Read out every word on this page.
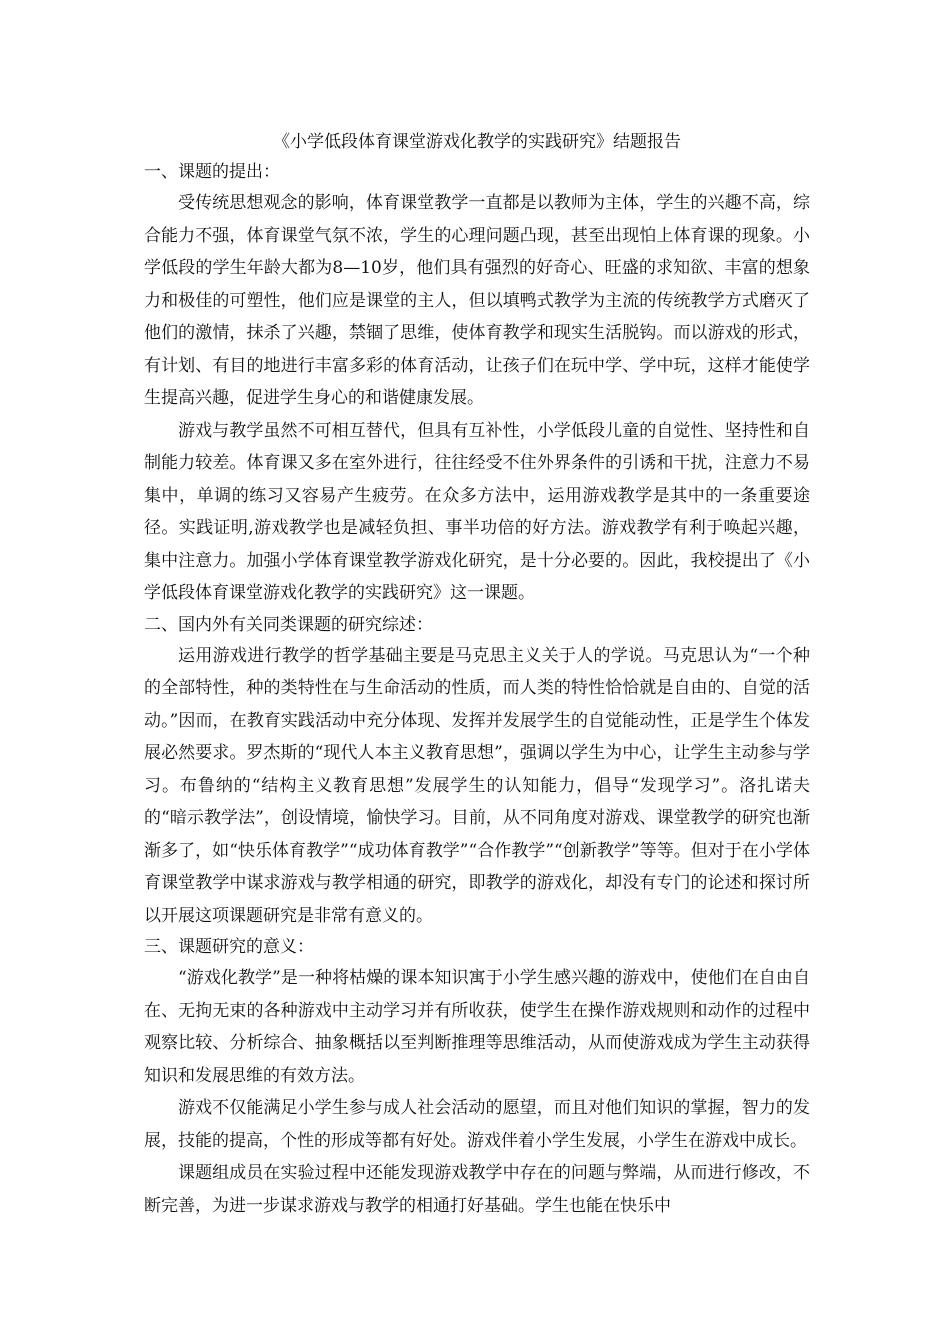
《小学低段体育课堂游戏化教学的实践研究》结题报告
一、课题的提出：

受传统思想观念的影响，体育课堂教学一直都是以教师为主体，学生的兴趣不高，综合能力不强，体育课堂气氛不浓，学生的心理问题凸现，甚至出现怕上体育课的现象。小学低段的学生年龄大都为8—10岁，他们具有强烈的好奇心、旺盛的求知欲、丰富的想象力和极佳的可塑性，他们应是课堂的主人，但以填鸭式教学为主流的传统教学方式磨灭了他们的激情，抹杀了兴趣，禁锢了思维，使体育教学和现实生活脱钩。而以游戏的形式，有计划、有目的地进行丰富多彩的体育活动，让孩子们在玩中学、学中玩，这样才能使学生提高兴趣，促进学生身心的和谐健康发展。

游戏与教学虽然不可相互替代，但具有互补性，小学低段儿童的自觉性、坚持性和自制能力较差。体育课又多在室外进行，往往经受不住外界条件的引诱和干扰，注意力不易集中，单调的练习又容易产生疲劳。在众多方法中，运用游戏教学是其中的一条重要途径。实践证明,游戏教学也是减轻负担、事半功倍的好方法。游戏教学有利于唤起兴趣，集中注意力。加强小学体育课堂教学游戏化研究，是十分必要的。因此，我校提出了《小学低段体育课堂游戏化教学的实践研究》这一课题。

二、国内外有关同类课题的研究综述：

运用游戏进行教学的哲学基础主要是马克思主义关于人的学说。马克思认为“一个种的全部特性，种的类特性在与生命活动的性质，而人类的特性恰恰就是自由的、自觉的活动。”因而，在教育实践活动中充分体现、发挥并发展学生的自觉能动性，正是学生个体发展必然要求。罗杰斯的“现代人本主义教育思想”，强调以学生为中心，让学生主动参与学习。布鲁纳的“结构主义教育思想”发展学生的认知能力，倡导“发现学习”。洛扎诺夫的“暗示教学法”，创设情境，愉快学习。目前，从不同角度对游戏、课堂教学的研究也渐渐多了，如“快乐体育教学”“成功体育教学”“合作教学”“创新教学”等等。但对于在小学体育课堂教学中谋求游戏与教学相通的研究，即教学的游戏化，却没有专门的论述和探讨所以开展这项课题研究是非常有意义的。

三、课题研究的意义：

“游戏化教学”是一种将枯燥的课本知识寓于小学生感兴趣的游戏中，使他们在自由自在、无拘无束的各种游戏中主动学习并有所收获，使学生在操作游戏规则和动作的过程中观察比较、分析综合、抽象概括以至判断推理等思维活动，从而使游戏成为学生主动获得知识和发展思维的有效方法。

游戏不仅能满足小学生参与成人社会活动的愿望，而且对他们知识的掌握，智力的发展，技能的提高，个性的形成等都有好处。游戏伴着小学生发展，小学生在游戏中成长。

课题组成员在实验过程中还能发现游戏教学中存在的问题与弊端，从而进行修改，不断完善，为进一步谋求游戏与教学的相通打好基础。学生也能在快乐中
